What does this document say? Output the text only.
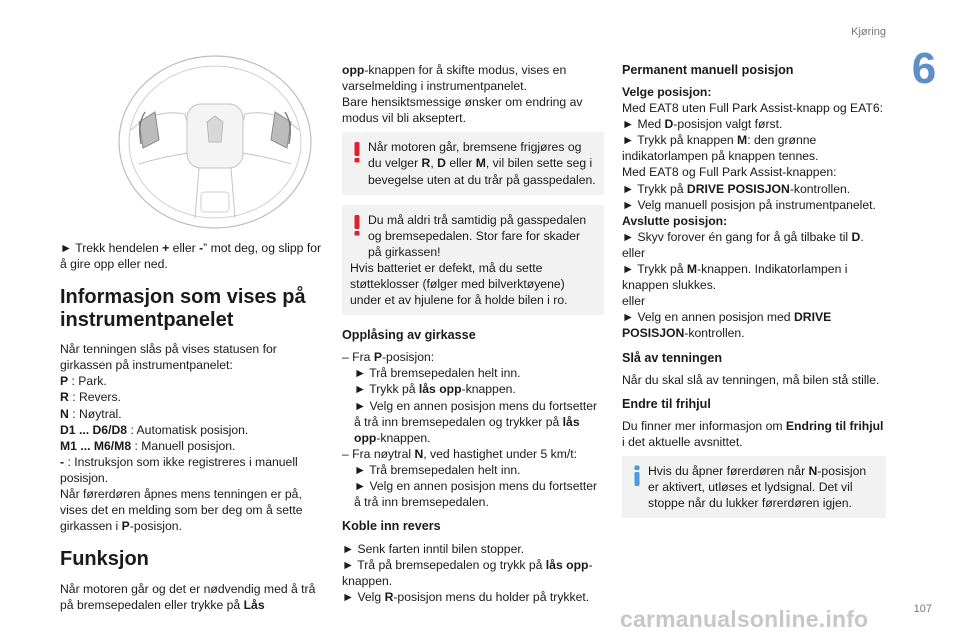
Kjøring
6

► Trekk hendelen + eller -” mot deg, og slipp for å gire opp eller ned.

Informasjon som vises på instrumentpanelet

Når tenningen slås på vises statusen for girkassen på instrumentpanelet:

P : Park.

R : Revers.

N : Nøytral.

D1 ... D6/D8 : Automatisk posisjon.

M1 ... M6/M8 : Manuell posisjon.

- : Instruksjon som ikke registreres i manuell posisjon.

Når førerdøren åpnes mens tenningen er på, vises det en melding som ber deg om å sette girkassen i P-posisjon.

Funksjon

Når motoren går og det er nødvendig med å trå på bremsepedalen eller trykke på Lås

opp-knappen for å skifte modus, vises en varselmelding i instrumentpanelet.

Bare hensiktsmessige ønsker om endring av modus vil bli akseptert.

Når motoren går, bremsene frigjøres og du velger R, D eller M, vil bilen sette seg i bevegelse uten at du trår på gasspedalen.

Du må aldri trå samtidig på gasspedalen og bremsepedalen. Stor fare for skader på girkassen!

Hvis batteriet er defekt, må du sette støtteklosser (følger med bilverktøyene) under et av hjulene for å holde bilen i ro.

Opplåsing av girkasse

– Fra P-posisjon:

► Trå bremsepedalen helt inn.

► Trykk på lås opp-knappen.

► Velg en annen posisjon mens du fortsetter å trå inn bremsepedalen og trykker på lås opp-knappen.

– Fra nøytral N, ved hastighet under 5 km/t:

► Trå bremsepedalen helt inn.

► Velg en annen posisjon mens du fortsetter å trå inn bremsepedalen.

Koble inn revers

► Senk farten inntil bilen stopper.

► Trå på bremsepedalen og trykk på lås opp-knappen.

► Velg R-posisjon mens du holder på trykket.

Permanent manuell posisjon

Velge posisjon:

Med EAT8 uten Full Park Assist-knapp og EAT6:

► Med D-posisjon valgt først.

► Trykk på knappen M: den grønne indikatorlampen på knappen tennes.

Med EAT8 og Full Park Assist-knappen:

► Trykk på DRIVE POSISJON-kontrollen.

► Velg manuell posisjon på instrumentpanelet.

Avslutte posisjon:

► Skyv forover én gang for å gå tilbake til D.

eller

► Trykk på M-knappen. Indikatorlampen i knappen slukkes.

eller

► Velg en annen posisjon med DRIVE POSISJON-kontrollen.

Slå av tenningen

Når du skal slå av tenningen, må bilen stå stille.

Endre til frihjul

Du finner mer informasjon om Endring til frihjul i det aktuelle avsnittet.

Hvis du åpner førerdøren når N-posisjon er aktivert, utløses et lydsignal. Det vil stoppe når du lukker førerdøren igjen.

107
carmanualsonline.info
